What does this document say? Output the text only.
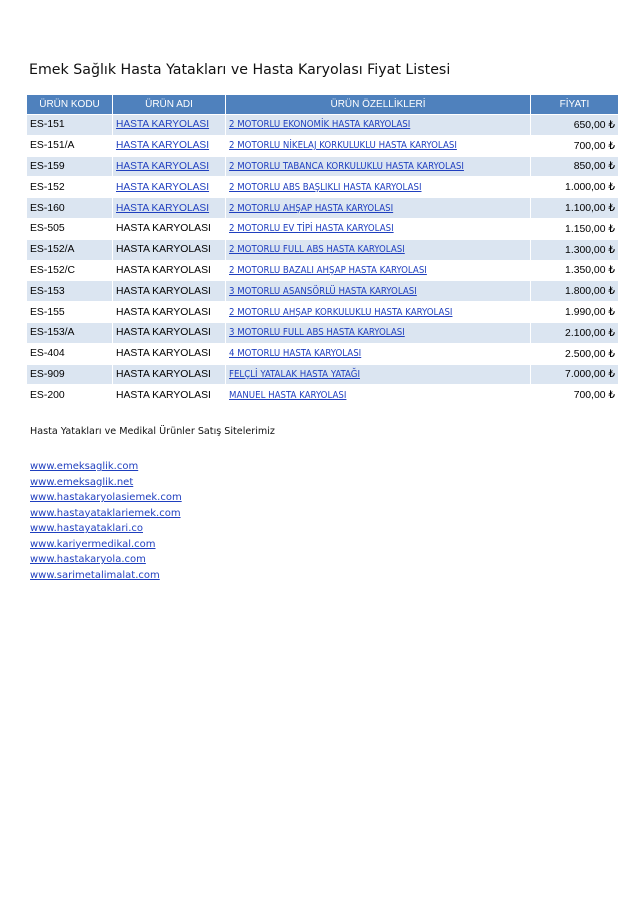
Emek Sağlık Hasta Yatakları ve Hasta Karyolası Fiyat Listesi
ÜRÜN KODU	ÜRÜN ADI	ÜRÜN ÖZELLİKLERİ	FİYATI
ES-151	HASTA KARYOLASI	2 MOTORLU EKONOMİK HASTA KARYOLASI	650,00 ₺
ES-151/A	HASTA KARYOLASI	2 MOTORLU NİKELAJ KORKULUKLU HASTA KARYOLASI	700,00 ₺
ES-159	HASTA KARYOLASI	2 MOTORLU TABANCA KORKULUKLU HASTA KARYOLASI	850,00 ₺
ES-152	HASTA KARYOLASI	2 MOTORLU ABS BAŞLIKLI HASTA KARYOLASI	1.000,00 ₺
ES-160	HASTA KARYOLASI	2 MOTORLU AHŞAP HASTA KARYOLASI	1.100,00 ₺
ES-505	HASTA KARYOLASI	2 MOTORLU EV TİPİ HASTA KARYOLASI	1.150,00 ₺
ES-152/A	HASTA KARYOLASI	2 MOTORLU FULL ABS HASTA KARYOLASI	1.300,00 ₺
ES-152/C	HASTA KARYOLASI	2 MOTORLU BAZALI AHŞAP HASTA KARYOLASI	1.350,00 ₺
ES-153	HASTA KARYOLASI	3 MOTORLU ASANSÖRLÜ HASTA KARYOLASI	1.800,00 ₺
ES-155	HASTA KARYOLASI	2 MOTORLU AHŞAP KORKULUKLU HASTA KARYOLASI	1.990,00 ₺
ES-153/A	HASTA KARYOLASI	3 MOTORLU FULL ABS HASTA KARYOLASI	2.100,00 ₺
ES-404	HASTA KARYOLASI	4 MOTORLU HASTA KARYOLASI	2.500,00 ₺
ES-909	HASTA KARYOLASI	FELÇLİ YATALAK HASTA YATAĞI	7.000,00 ₺
ES-200	HASTA KARYOLASI	MANUEL HASTA KARYOLASI	700,00 ₺
Hasta Yatakları ve Medikal Ürünler Satış Sitelerimiz
www.emeksaglik.com
www.emeksaglik.net
www.hastakaryolasiemek.com
www.hastayataklariemek.com
www.hastayataklari.co
www.kariyermedikal.com
www.hastakaryola.com
www.sarimetalimalat.com
